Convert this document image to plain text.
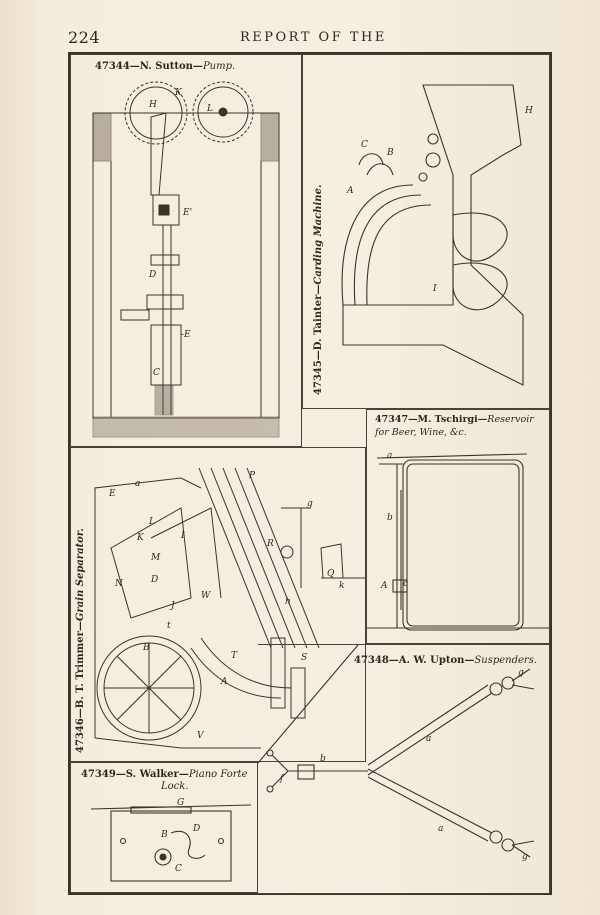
224	REPORT OF THE
47344—N. Sutton—Pump.
H
K
L
E'
D
-E
C	47345—D. Tainter—Carding Machine.	A
C
B
H
I
47346—B. T. Trimmer—Grain Separator.
E
K
L
M
N	D
B
A
T
V
W
P
R
S
Q
k
h
g
a
t
I
J
47347—M. Tschirgi—Reservoir
for Beer, Wine, &c.
a
b
A c
47348—A. W. Upton—Suspenders.
a
b
f
g
a
g
47349—S. Walker—Piano Forte
Lock.
G
D
B
C
